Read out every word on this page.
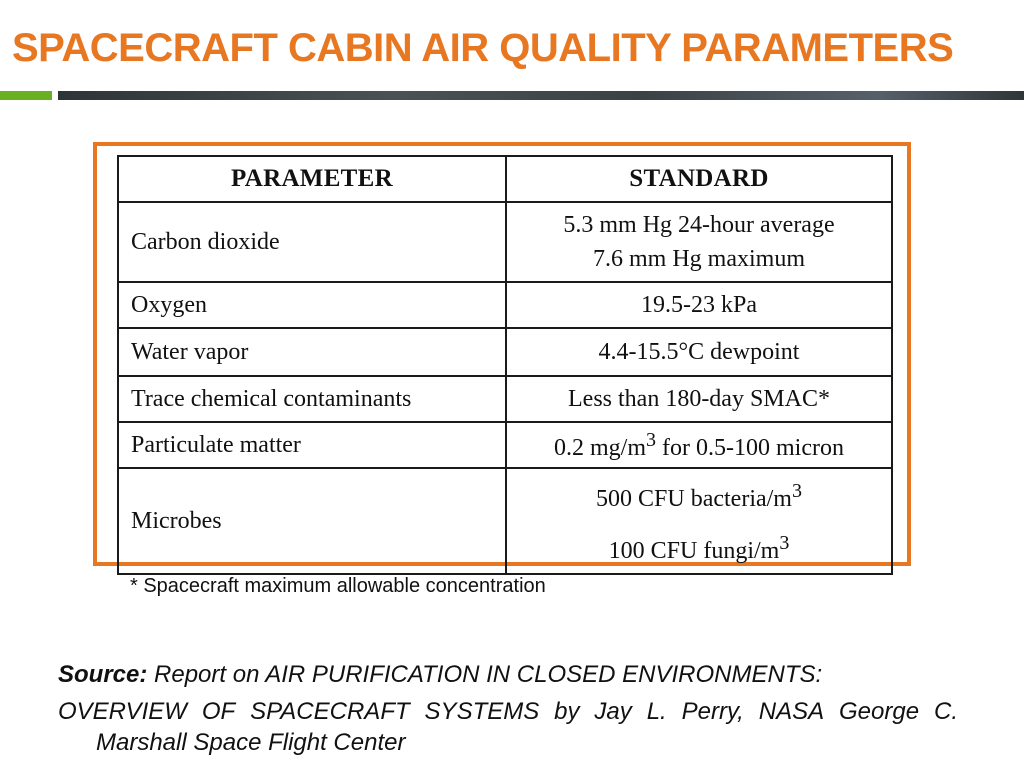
SPACECRAFT CABIN AIR QUALITY PARAMETERS
PARAMETER	STANDARD
Carbon dioxide	5.3 mm Hg 24-hour average
7.6 mm Hg maximum

Oxygen	19.5-23 kPa
Water vapor	4.4-15.5°C dewpoint
Trace chemical contaminants	Less than 180-day SMAC*
Particulate matter	0.2 $mg/m^3$ for 0.5-100 micron
Microbes	500 CFU bacteria/$m^3$
100 CFU fungi/$m^3$
* Spacecraft maximum allowable concentration
Source: Report on AIR PURIFICATION IN CLOSED ENVIRONMENTS:
OVERVIEW OF SPACECRAFT SYSTEMS by Jay L. Perry, NASA George C.
Marshall Space Flight Center
